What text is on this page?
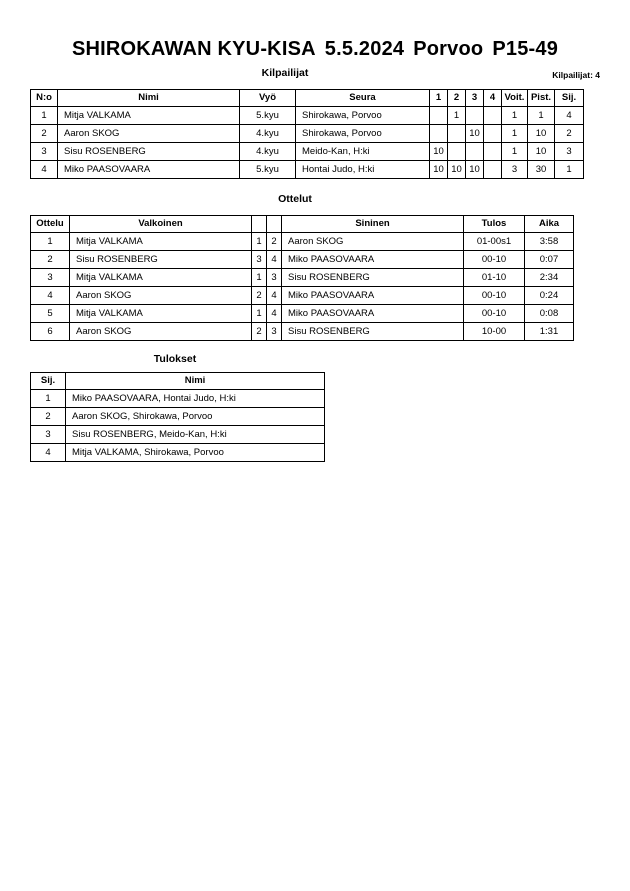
SHIROKAWAN KYU-KISA 5.5.2024 Porvoo P15-49
Kilpailijat	Kilpailijat: 4
Ottelut
Tulokset
N:o	Nimi	Vyö	Seura	1	2	3	4	Voit.	Pist.	Sij.
1	Mitja VALKAMA	5.kyu	Shirokawa, Porvoo		1			1	1	4
2	Aaron SKOG	4.kyu	Shirokawa, Porvoo			10		1	10	2
3	Sisu ROSENBERG	4.kyu	Meido-Kan, H:ki	10				1	10	3
4	Miko PAASOVAARA	5.kyu	Hontai Judo, H:ki	10	10	10		3	30	1
Ottelu	Valkoinen			Sininen	Tulos	Aika
1	Mitja VALKAMA	1	2	Aaron SKOG	01-00s1	3:58
2	Sisu ROSENBERG	3	4	Miko PAASOVAARA	00-10	0:07
3	Mitja VALKAMA	1	3	Sisu ROSENBERG	01-10	2:34
4	Aaron SKOG	2	4	Miko PAASOVAARA	00-10	0:24
5	Mitja VALKAMA	1	4	Miko PAASOVAARA	00-10	0:08
6	Aaron SKOG	2	3	Sisu ROSENBERG	10-00	1:31
Sij.	Nimi
1	Miko PAASOVAARA, Hontai Judo, H:ki
2	Aaron SKOG, Shirokawa, Porvoo
3	Sisu ROSENBERG, Meido-Kan, H:ki
4	Mitja VALKAMA, Shirokawa, Porvoo
